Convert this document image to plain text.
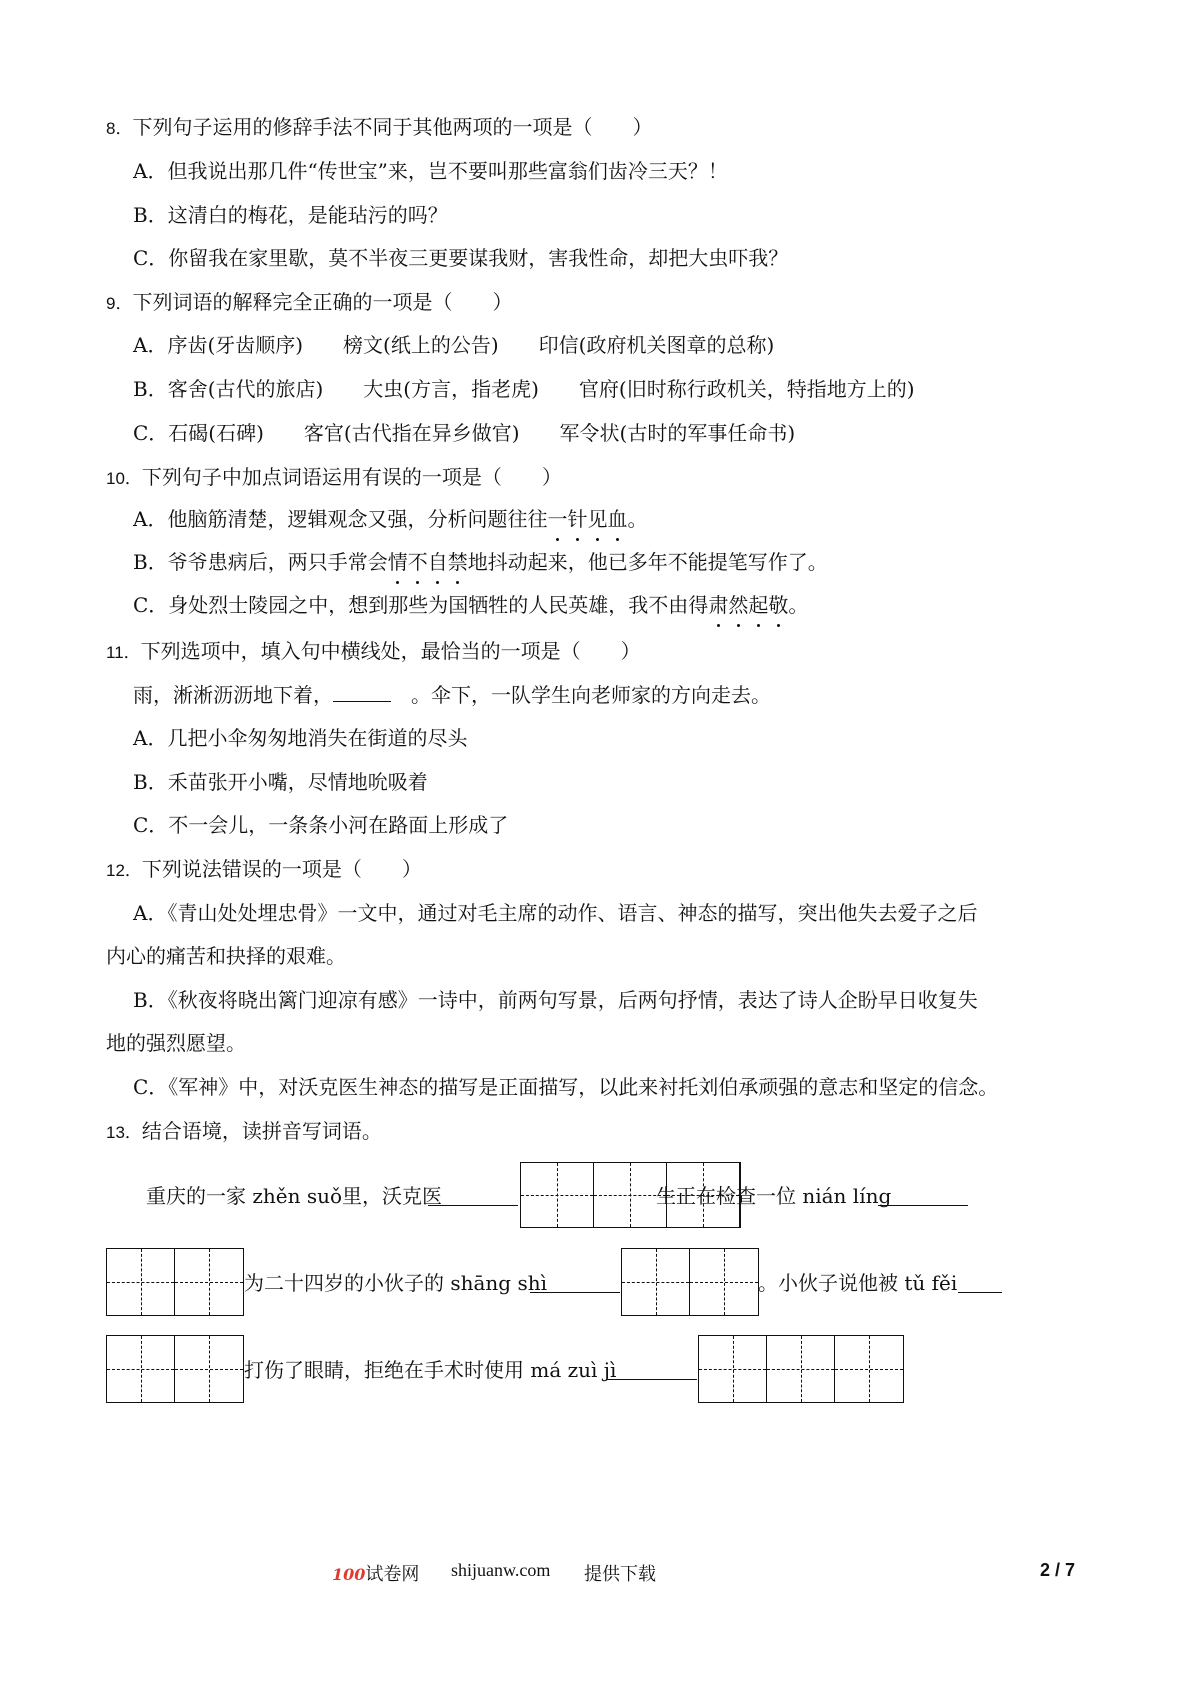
8．下列句子运用的修辞手法不同于其他两项的一项是（　　）
A．但我说出那几件“传世宝”来，岂不要叫那些富翁们齿冷三天？！
B．这清白的梅花，是能玷污的吗？
C．你留我在家里歇，莫不半夜三更要谋我财，害我性命，却把大虫吓我？
9．下列词语的解释完全正确的一项是（　　）
A．序齿(牙齿顺序)　　榜文(纸上的公告)　　印信(政府机关图章的总称)
B．客舍(古代的旅店)　　大虫(方言，指老虎)　　官府(旧时称行政机关，特指地方上的)
C．石碣(石碑)　　客官(古代指在异乡做官)　　军令状(古时的军事任命书)
10．下列句子中加点词语运用有误的一项是（　　）
A．他脑筋清楚，逻辑观念又强，分析问题往往一针见血。
B．爷爷患病后，两只手常会情不自禁地抖动起来，他已多年不能提笔写作了。
C．身处烈士陵园之中，想到那些为国牺牲的人民英雄，我不由得肃然起敬。
11．下列选项中，填入句中横线处，最恰当的一项是（　　）
雨，淅淅沥沥地下着，	　。伞下，一队学生向老师家的方向走去。
A．几把小伞匆匆地消失在街道的尽头
B．禾苗张开小嘴，尽情地吮吸着
C．不一会儿，一条条小河在路面上形成了
12．下列说法错误的一项是（　　）
A．《青山处处埋忠骨》一文中，通过对毛主席的动作、语言、神态的描写，突出他失去爱子之后
内心的痛苦和抉择的艰难。
B．《秋夜将晓出篱门迎凉有感》一诗中，前两句写景，后两句抒情，表达了诗人企盼早日收复失
地的强烈愿望。
C．《军神》中，对沃克医生神态的描写是正面描写，以此来衬托刘伯承顽强的意志和坚定的信念。
13．结合语境，读拼音写词语。
重庆的一家 zhěn suǒ里，沃克医	生正在检查一位 nián líng
为二十四岁的小伙子的 shāng shì	。小伙子说他被 tǔ fěi
打伤了眼睛，拒绝在手术时使用 má zuì jì
100试卷网 shijuanw.com 提供下载	2 / 7
